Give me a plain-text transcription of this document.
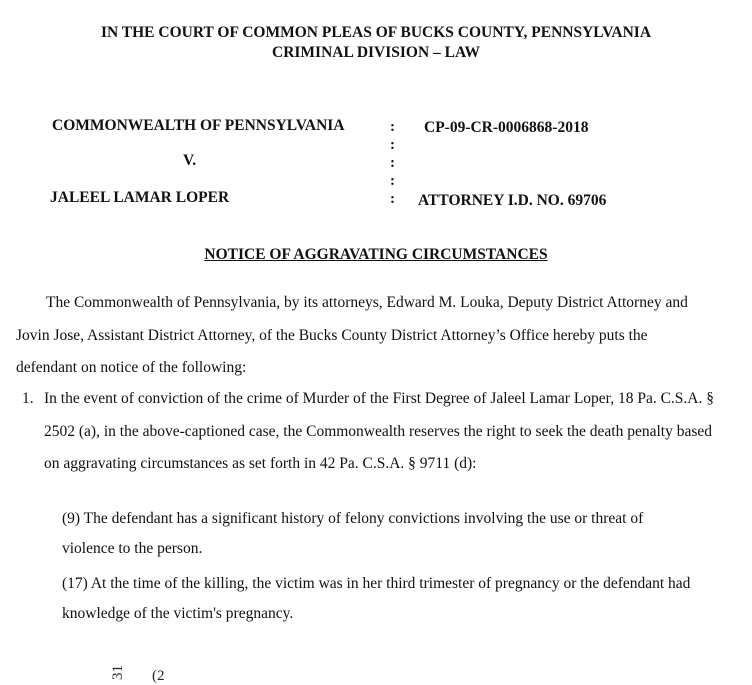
IN THE COURT OF COMMON PLEAS OF BUCKS COUNTY, PENNSYLVANIA
CRIMINAL DIVISION – LAW
COMMONWEALTH OF PENNSYLVANIA
V.
JALEEL LAMAR LOPER
:
:
:
:
:
CP-09-CR-0006868-2018
ATTORNEY I.D. NO. 69706
NOTICE OF AGGRAVATING CIRCUMSTANCES
The Commonwealth of Pennsylvania, by its attorneys, Edward M. Louka, Deputy District Attorney and
Jovin Jose, Assistant District Attorney, of the Bucks County District Attorney’s Office hereby puts the
defendant on notice of the following:
1. In the event of conviction of the crime of Murder of the First Degree of Jaleel Lamar Loper, 18 Pa. C.S.A. §
2502 (a), in the above-captioned case, the Commonwealth reserves the right to seek the death penalty based
on aggravating circumstances as set forth in 42 Pa. C.S.A. § 9711 (d):
(9) The defendant has a significant history of felony convictions involving the use or threat of
violence to the person.
(17) At the time of the killing, the victim was in her third trimester of pregnancy or the defendant had
knowledge of the victim's pregnancy.
31 (2
